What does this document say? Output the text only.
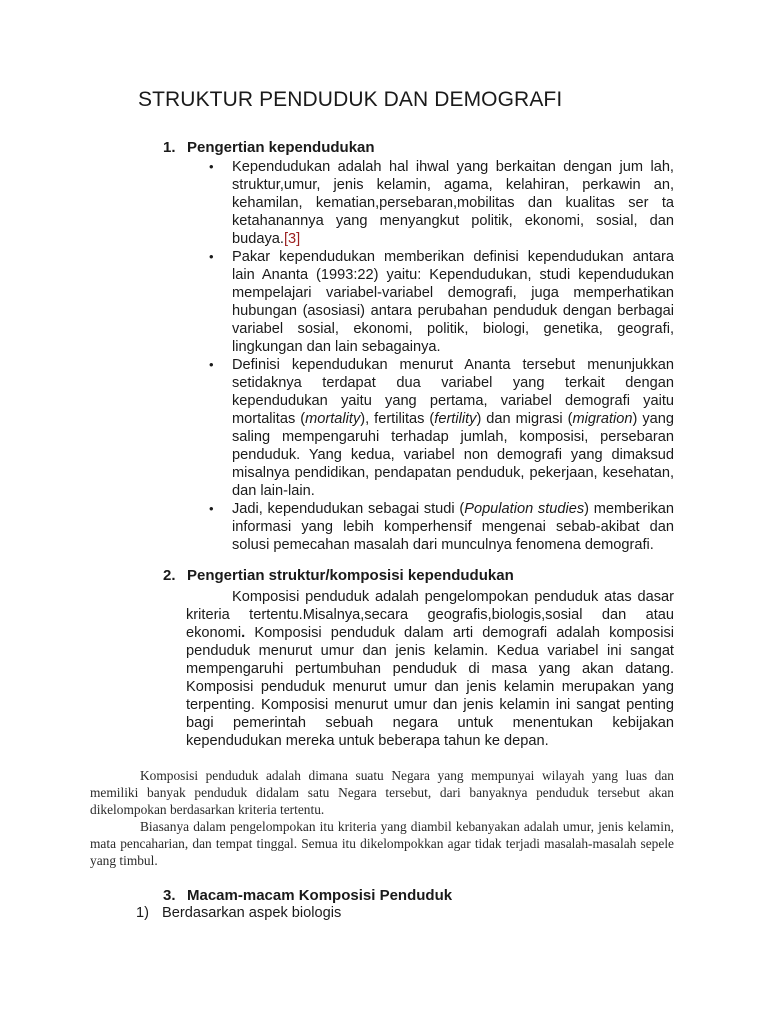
STRUKTUR PENDUDUK DAN DEMOGRAFI
1. Pengertian kependudukan
• Kependudukan adalah hal ihwal yang berkaitan dengan jum lah, struktur,umur, jenis kelamin, agama, kelahiran, perkawin an, kehamilan, kematian,persebaran,mobilitas dan kualitas ser ta ketahanannya yang menyangkut politik, ekonomi, sosial, dan budaya.[3]
• Pakar kependudukan memberikan definisi kependudukan antara lain Ananta (1993:22) yaitu: Kependudukan, studi kependudukan mempelajari variabel-variabel demografi, juga memperhatikan hubungan (asosiasi) antara perubahan penduduk dengan berbagai variabel sosial, ekonomi, politik, biologi, genetika, geografi, lingkungan dan lain sebagainya.
• Definisi kependudukan menurut Ananta tersebut menunjukkan setidaknya terdapat dua variabel yang terkait dengan kependudukan yaitu yang pertama, variabel demografi yaitu mortalitas (mortality), fertilitas (fertility) dan migrasi (migration) yang saling mempengaruhi terhadap jumlah, komposisi, persebaran penduduk. Yang kedua, variabel non demografi yang dimaksud misalnya pendidikan, pendapatan penduduk, pekerjaan, kesehatan, dan lain-lain.
• Jadi, kependudukan sebagai studi (Population studies) memberikan informasi yang lebih komperhensif mengenai sebab-akibat dan solusi pemecahan masalah dari munculnya fenomena demografi.
2. Pengertian struktur/komposisi kependudukan
Komposisi penduduk adalah pengelompokan penduduk atas dasar kriteria tertentu.Misalnya,secara geografis,biologis,sosial dan atau ekonomi. Komposisi penduduk dalam arti demografi adalah komposisi penduduk menurut umur dan jenis kelamin. Kedua variabel ini sangat mempengaruhi pertumbuhan penduduk di masa yang akan datang. Komposisi penduduk menurut umur dan jenis kelamin merupakan yang terpenting. Komposisi menurut umur dan jenis kelamin ini sangat penting bagi pemerintah sebuah negara untuk menentukan kebijakan kependudukan mereka untuk beberapa tahun ke depan.
Komposisi penduduk adalah dimana suatu Negara yang mempunyai wilayah yang luas dan memiliki banyak penduduk didalam satu Negara tersebut, dari banyaknya penduduk tersebut akan dikelompokan berdasarkan kriteria tertentu.
Biasanya dalam pengelompokan itu kriteria yang diambil kebanyakan adalah umur, jenis kelamin, mata pencaharian, dan tempat tinggal. Semua itu dikelompokkan agar tidak terjadi masalah-masalah sepele yang timbul.
3. Macam-macam Komposisi Penduduk
1) Berdasarkan aspek biologis
